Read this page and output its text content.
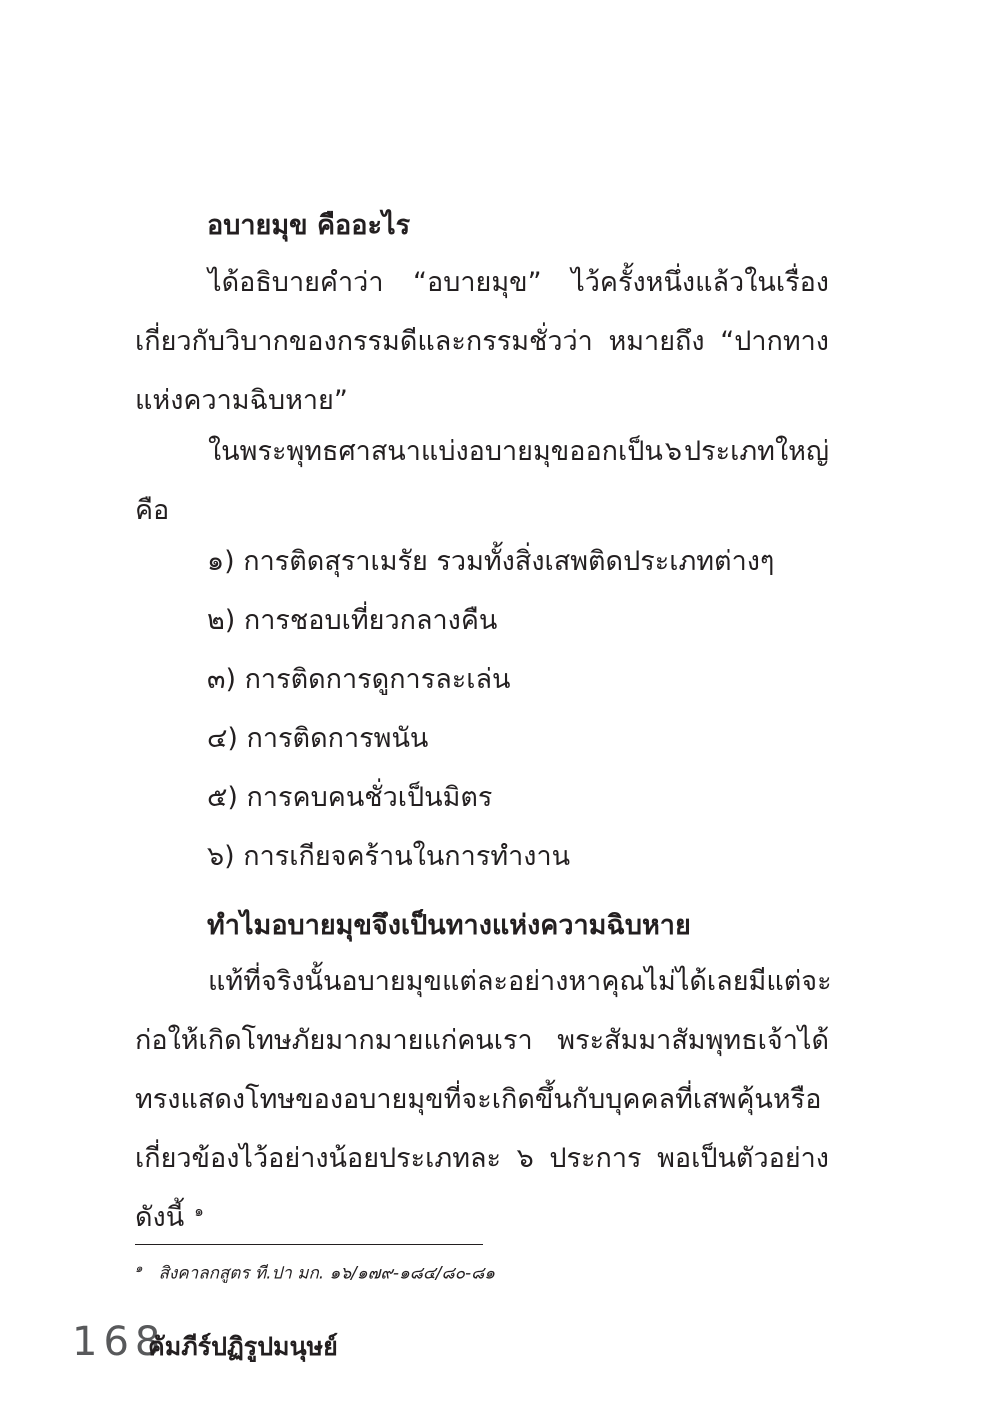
อบายมุข คืออะไร
ได้อธิบายคำว่า “อบายมุข” ไว้ครั้งหนึ่งแล้วในเรื่อง
เกี่ยวกับวิบากของกรรมดีและกรรมชั่วว่า หมายถึง “ปากทาง
แห่งความฉิบหาย”
ในพระพุทธศาสนาแบ่งอบายมุขออกเป็น ๖ ประเภทใหญ่
คือ
๑) การติดสุราเมรัย รวมทั้งสิ่งเสพติดประเภทต่างๆ
๒) การชอบเที่ยวกลางคืน
๓) การติดการดูการละเล่น
๔) การติดการพนัน
๕) การคบคนชั่วเป็นมิตร
๖) การเกียจคร้านในการทำงาน
ทำไมอบายมุขจึงเป็นทางแห่งความฉิบหาย
แท้ที่จริงนั้นอบายมุขแต่ละอย่างหาคุณไม่ได้เลย มีแต่จะ
ก่อให้เกิดโทษภัยมากมายแก่คนเรา พระสัมมาสัมพุทธเจ้าได้
ทรงแสดงโทษของอบายมุขที่จะเกิดขึ้นกับบุคคลที่เสพคุ้นหรือ
เกี่ยวข้องไว้อย่างน้อยประเภทละ ๖ ประการ พอเป็นตัวอย่าง
ดังนี้ ๑
$^๑$ สิงคาลกสูตร ที.ปา มก. ๑๖/๑๗๙-๑๘๔/๘๐-๘๑
168
คัมภีร์ปฏิรูปมนุษย์
